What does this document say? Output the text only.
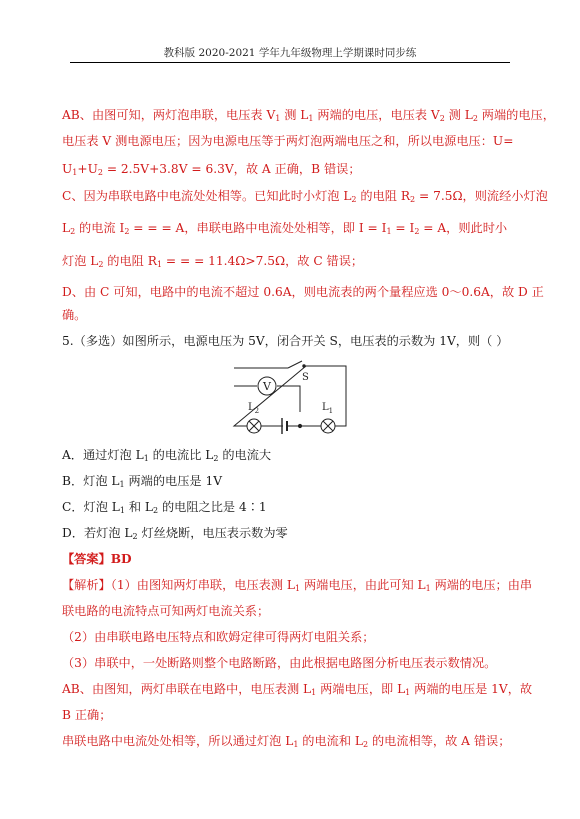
教科版 2020-2021 学年九年级物理上学期课时同步练
AB、由图可知，两灯泡串联，电压表 $V_1$ 测 $L_1$ 两端的电压，电压表 $V_2$ 测 $L_2$ 两端的电压，
电压表 V 测电源电压；因为电源电压等于两灯泡两端电压之和，所以电源电压：U=
$U_1+U_2 = 2.5V+3.8V = 6.3V$，故 A 正确，B 错误；
C、因为串联电路中电流处处相等。已知此时小灯泡 $L_2$ 的电阻 $R_2 = 7.5\Omega$，则流经小灯泡
$L_2$ 的电流 $I_2$ = = = A，串联电路中电流处处相等，即 $I = I_1 = I_2 = A$，则此时小
灯泡 $L_2$ 的电阻 $R_1$ = = = 11.4Ω>7.5Ω，故 C 错误；
D、由 C 可知，电路中的电流不超过 0.6A，则电流表的两个量程应选 0～0.6A，故 D 正
确。
5.（多选）如图所示，电源电压为 5V，闭合开关 S，电压表的示数为 1V，则（ ）
V
S
$L_2$	$L_1$
A．通过灯泡 $L_1$ 的电流比 $L_2$ 的电流大
B．灯泡 $L_1$ 两端的电压是 1V
C．灯泡 $L_1$ 和 $L_2$ 的电阻之比是 4∶1
D．若灯泡 $L_2$ 灯丝烧断，电压表示数为零
【答案】BD
【解析】（1）由图知两灯串联，电压表测 $L_1$ 两端电压，由此可知 $L_1$ 两端的电压；由串
联电路的电流特点可知两灯电流关系；
（2）由串联电路电压特点和欧姆定律可得两灯电阻关系；
（3）串联中，一处断路则整个电路断路，由此根据电路图分析电压表示数情况。
AB、由图知，两灯串联在电路中，电压表测 $L_1$ 两端电压，即 $L_1$ 两端的电压是 1V，故
B 正确；
串联电路中电流处处相等，所以通过灯泡 $L_1$ 的电流和 $L_2$ 的电流相等，故 A 错误；
